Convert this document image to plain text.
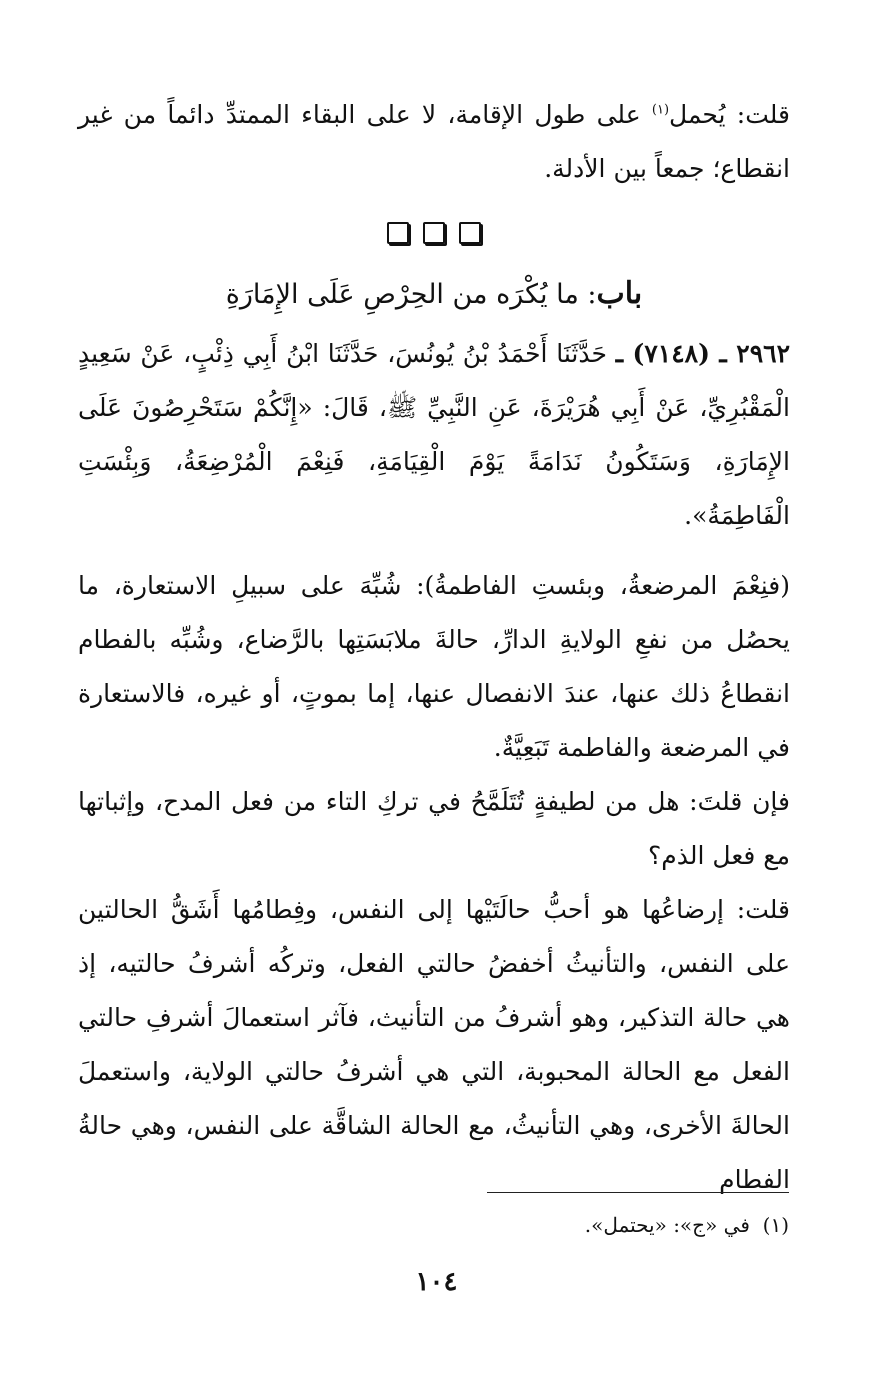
قلت: يُحمل$^{(١)}$ على طول الإقامة، لا على البقاء الممتدِّ دائماً من غير انقطاع؛ جمعاً بين الأدلة.

باب: ما يُكْرَه من الحِرْصِ عَلَى الإِمَارَةِ

٢٩٦٢ ـ (٧١٤٨) ـ حَدَّثَنَا أَحْمَدُ بْنُ يُونُسَ، حَدَّثَنَا ابْنُ أَبِي ذِئْبٍ، عَنْ سَعِيدٍ الْمَقْبُرِيِّ، عَنْ أَبِي هُرَيْرَةَ، عَنِ النَّبِيِّ ﷺ، قَالَ: «إِنَّكُمْ سَتَحْرِصُونَ عَلَى الإِمَارَةِ، وَسَتَكُونُ نَدَامَةً يَوْمَ الْقِيَامَةِ، فَنِعْمَ الْمُرْضِعَةُ، وَبِئْسَتِ الْفَاطِمَةُ».

(فنِعْمَ المرضعةُ، وبئستِ الفاطمةُ): شُبِّهَ على سبيلِ الاستعارة، ما يحصُل من نفعِ الولايةِ الدارِّ، حالةَ ملابَسَتِها بالرَّضاع، وشُبِّه بالفطام انقطاعُ ذلك عنها، عندَ الانفصال عنها، إما بموتٍ، أو غيره، فالاستعارة في المرضعة والفاطمة تَبَعِيَّةٌ.

فإن قلتَ: هل من لطيفةٍ تُتَلَمَّحُ في تركِ التاء من فعل المدح، وإثباتها مع فعل الذم؟

قلت: إرضاعُها هو أحبُّ حالَتَيْها إلى النفس، وفِطامُها أَشَقُّ الحالتين على النفس، والتأنيثُ أخفضُ حالتي الفعل، وتركُه أشرفُ حالتيه، إذ هي حالة التذكير، وهو أشرفُ من التأنيث، فآثر استعمالَ أشرفِ حالتي الفعل مع الحالة المحبوبة، التي هي أشرفُ حالتي الولاية، واستعملَ الحالةَ الأخرى، وهي التأنيثُ، مع الحالة الشاقَّة على النفس، وهي حالةُ الفطام

(١)  في «ج»: «يحتمل».
١٠٤
